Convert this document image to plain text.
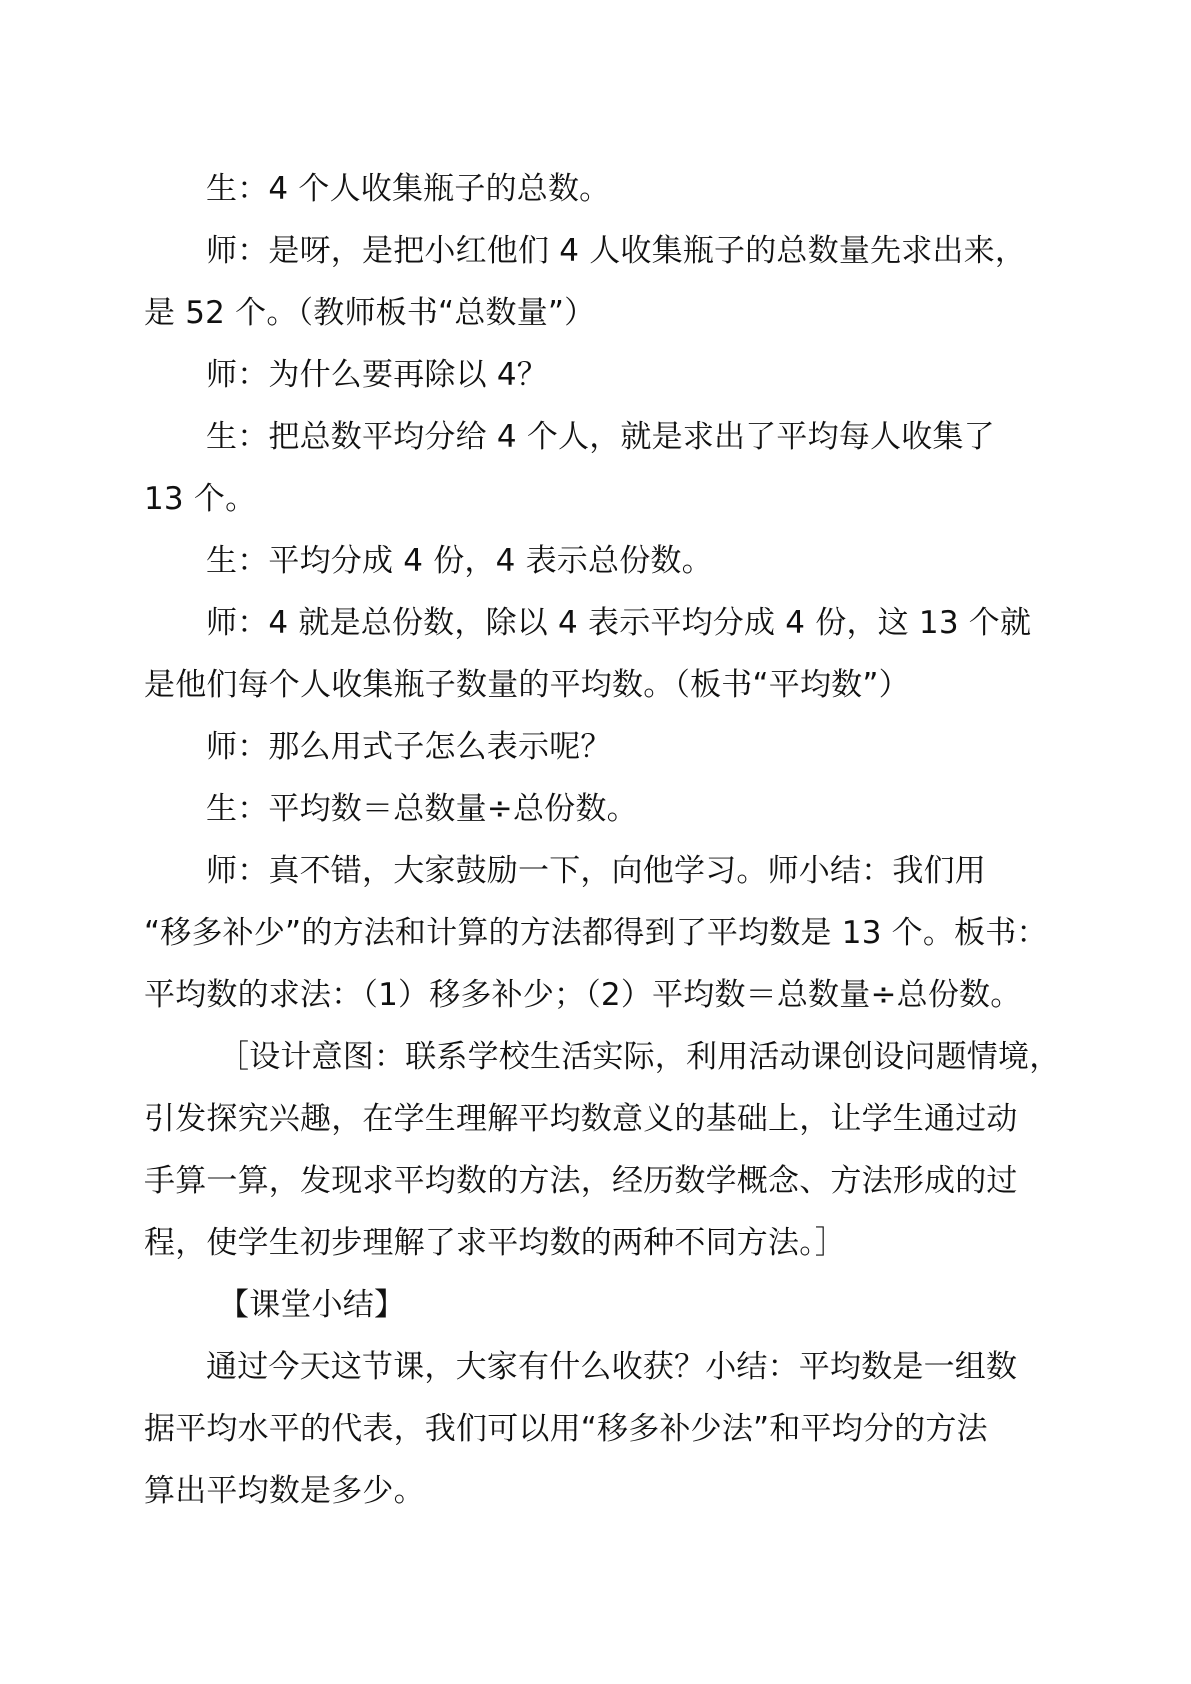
生：4 个人收集瓶子的总数。

师：是呀，是把小红他们 4 人收集瓶子的总数量先求出来，
是 52 个。（教师板书“总数量”）

师：为什么要再除以 4？

生：把总数平均分给 4 个人，就是求出了平均每人收集了
13 个。

生：平均分成 4 份，4 表示总份数。

师：4 就是总份数，除以 4 表示平均分成 4 份，这 13 个就
是他们每个人收集瓶子数量的平均数。（板书“平均数”）

师：那么用式子怎么表示呢？

生：平均数＝总数量÷总份数。

师：真不错，大家鼓励一下，向他学习。师小结：我们用
“移多补少”的方法和计算的方法都得到了平均数是 13 个。板书：
平均数的求法：（1）移多补少；（2）平均数＝总数量÷总份数。

［设计意图：联系学校生活实际，利用活动课创设问题情境，
引发探究兴趣，在学生理解平均数意义的基础上，让学生通过动
手算一算，发现求平均数的方法，经历数学概念、方法形成的过
程，使学生初步理解了求平均数的两种不同方法。］

【课堂小结】

通过今天这节课，大家有什么收获？小结：平均数是一组数
据平均水平的代表，我们可以用“移多补少法”和平均分的方法
算出平均数是多少。
